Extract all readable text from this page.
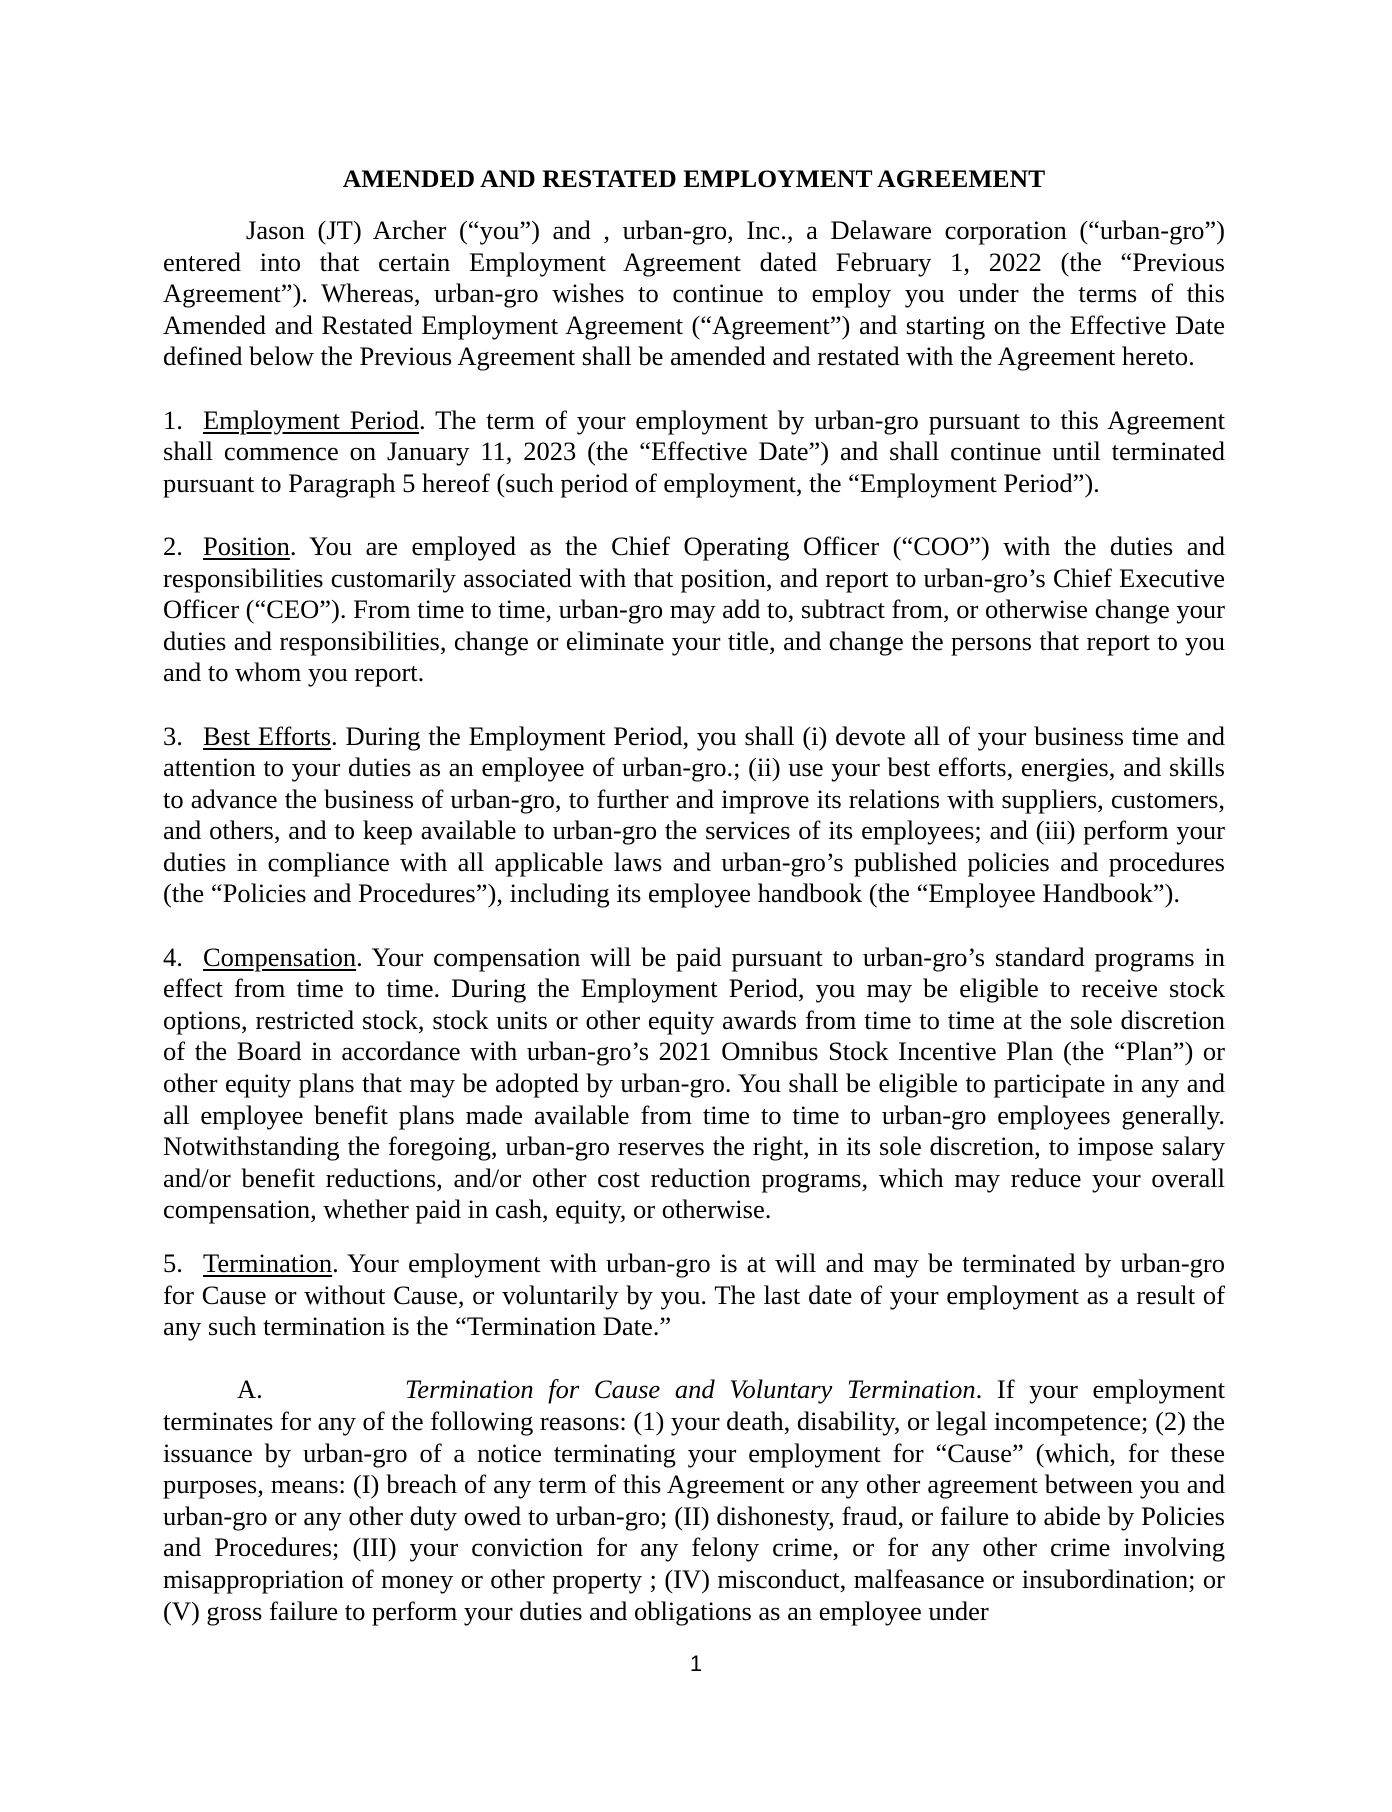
AMENDED AND RESTATED EMPLOYMENT AGREEMENT

Jason (JT) Archer (“you”) and , urban-gro, Inc., a Delaware corporation (“urban-gro”) entered into that certain Employment Agreement dated February 1, 2022 (the “Previous Agreement”). Whereas, urban-gro wishes to continue to employ you under the terms of this Amended and Restated Employment Agreement (“Agreement”) and starting on the Effective Date defined below the Previous Agreement shall be amended and restated with the Agreement hereto.

1. Employment Period. The term of your employment by urban-gro pursuant to this Agreement shall commence on January 11, 2023 (the “Effective Date”) and shall continue until terminated pursuant to Paragraph 5 hereof (such period of employment, the “Employment Period”).

2. Position. You are employed as the Chief Operating Officer (“COO”) with the duties and responsibilities customarily associated with that position, and report to urban-gro’s Chief Executive Officer (“CEO”). From time to time, urban-gro may add to, subtract from, or otherwise change your duties and responsibilities, change or eliminate your title, and change the persons that report to you and to whom you report.

3. Best Efforts. During the Employment Period, you shall (i) devote all of your business time and attention to your duties as an employee of urban-gro.; (ii) use your best efforts, energies, and skills to advance the business of urban-gro, to further and improve its relations with suppliers, customers, and others, and to keep available to urban-gro the services of its employees; and (iii) perform your duties in compliance with all applicable laws and urban-gro’s published policies and procedures (the “Policies and Procedures”), including its employee handbook (the “Employee Handbook”).

4. Compensation. Your compensation will be paid pursuant to urban-gro’s standard programs in effect from time to time. During the Employment Period, you may be eligible to receive stock options, restricted stock, stock units or other equity awards from time to time at the sole discretion of the Board in accordance with urban-gro’s 2021 Omnibus Stock Incentive Plan (the “Plan”) or other equity plans that may be adopted by urban-gro. You shall be eligible to participate in any and all employee benefit plans made available from time to time to urban-gro employees generally. Notwithstanding the foregoing, urban-gro reserves the right, in its sole discretion, to impose salary and/or benefit reductions, and/or other cost reduction programs, which may reduce your overall compensation, whether paid in cash, equity, or otherwise.

5. Termination. Your employment with urban-gro is at will and may be terminated by urban-gro for Cause or without Cause, or voluntarily by you. The last date of your employment as a result of any such termination is the “Termination Date.”

A.	Termination for Cause and Voluntary Termination. If your employment terminates for any of the following reasons: (1) your death, disability, or legal incompetence; (2) the issuance by urban-gro of a notice terminating your employment for “Cause” (which, for these purposes, means: (I) breach of any term of this Agreement or any other agreement between you and urban-gro or any other duty owed to urban-gro; (II) dishonesty, fraud, or failure to abide by Policies and Procedures; (III) your conviction for any felony crime, or for any other crime involving misappropriation of money or other property ; (IV) misconduct, malfeasance or insubordination; or (V) gross failure to perform your duties and obligations as an employee under

1
